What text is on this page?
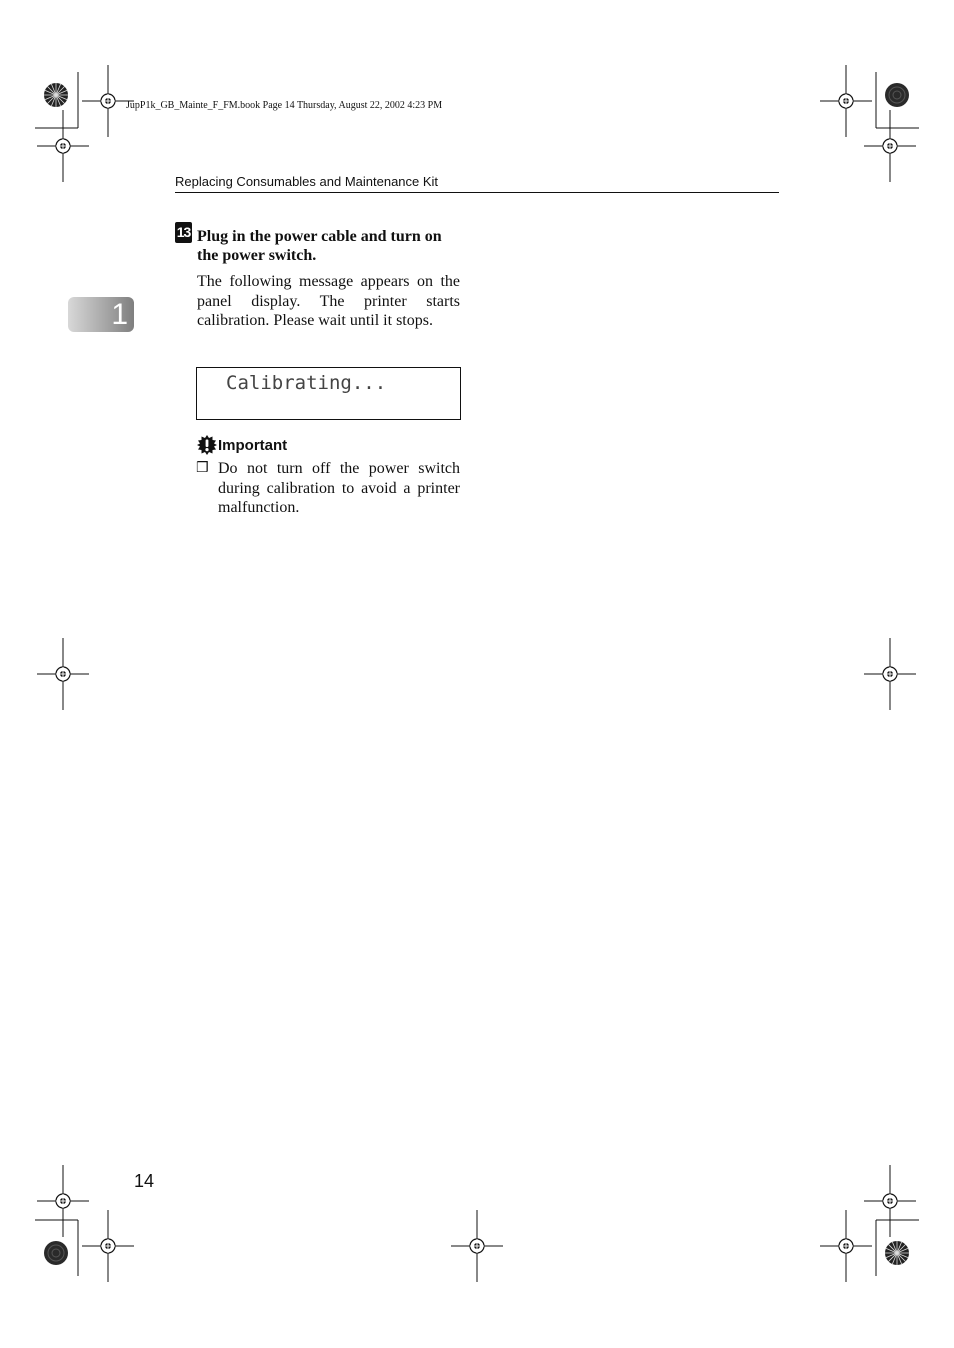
JupP1k_GB_Mainte_F_FM.book Page 14 Thursday, August 22, 2002 4:23 PM
Replacing Consumables and Maintenance Kit
1
13 Plug in the power cable and turn on the power switch.
The following message appears on the panel display. The printer starts calibration. Please wait until it stops.
Calibrating...
Important
❒ Do not turn off the power switch during calibration to avoid a printer malfunction.
14
